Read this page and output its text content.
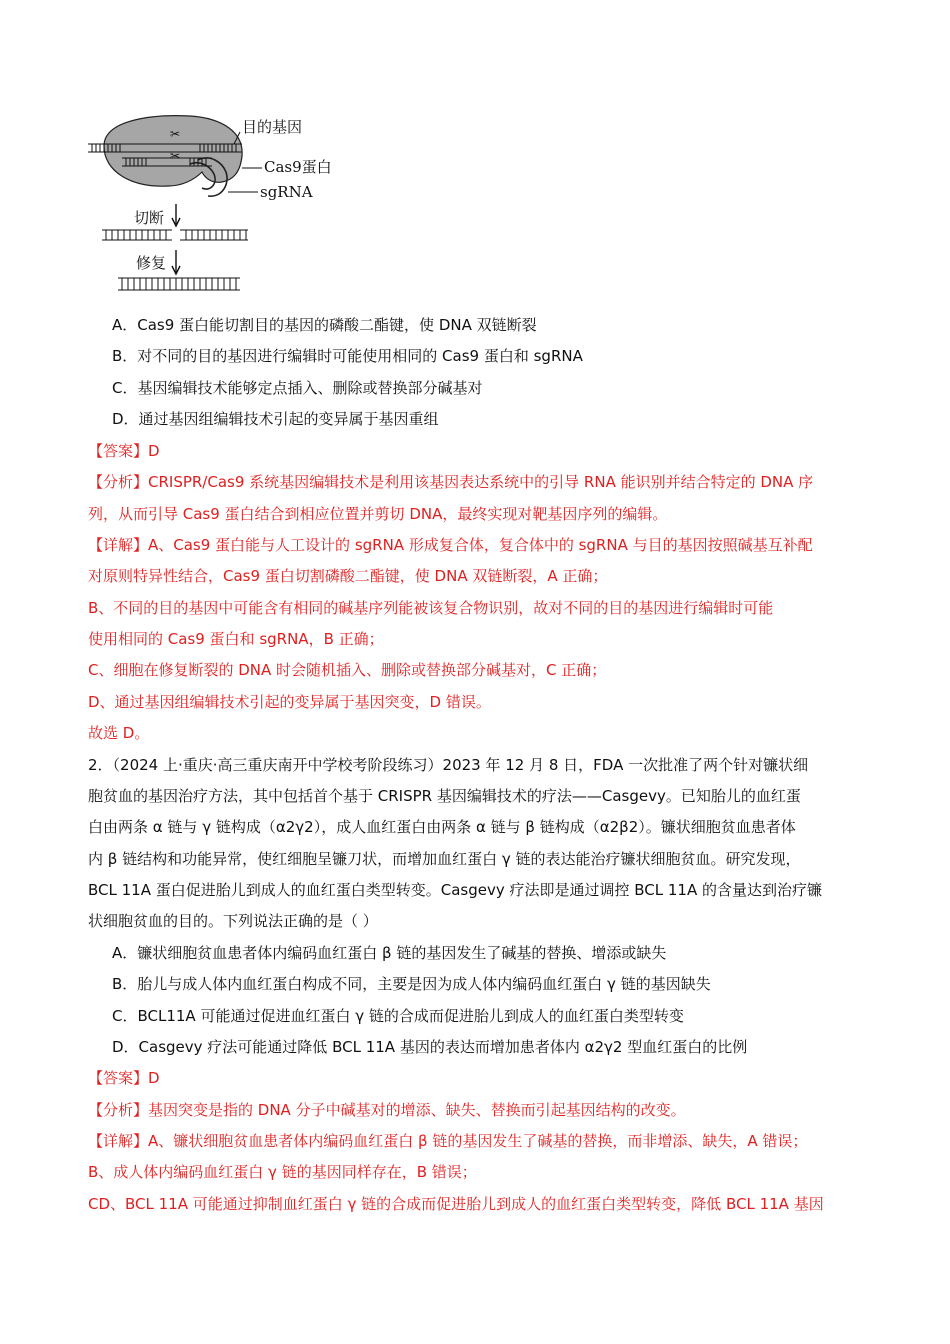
✂
✂
目的基因
Cas9蛋白
sgRNA
切断
修复
A．Cas9 蛋白能切割目的基因的磷酸二酯键，使 DNA 双链断裂
B．对不同的目的基因进行编辑时可能使用相同的 Cas9 蛋白和 sgRNA
C．基因编辑技术能够定点插入、删除或替换部分碱基对
D．通过基因组编辑技术引起的变异属于基因重组
【答案】D
【分析】CRISPR/Cas9 系统基因编辑技术是利用该基因表达系统中的引导 RNA 能识别并结合特定的 DNA 序
列，从而引导 Cas9 蛋白结合到相应位置并剪切 DNA，最终实现对靶基因序列的编辑。
【详解】A、Cas9 蛋白能与人工设计的 sgRNA 形成复合体，复合体中的 sgRNA 与目的基因按照碱基互补配
对原则特异性结合，Cas9 蛋白切割磷酸二酯键，使 DNA 双链断裂，A 正确；
B、不同的目的基因中可能含有相同的碱基序列能被该复合物识别，故对不同的目的基因进行编辑时可能
使用相同的 Cas9 蛋白和 sgRNA，B 正确；
C、细胞在修复断裂的 DNA 时会随机插入、删除或替换部分碱基对，C 正确；
D、通过基因组编辑技术引起的变异属于基因突变，D 错误。
故选 D。
2．（2024 上·重庆·高三重庆南开中学校考阶段练习）2023 年 12 月 8 日，FDA 一次批准了两个针对镰状细
胞贫血的基因治疗方法，其中包括首个基于 CRISPR 基因编辑技术的疗法——Casgevy。已知胎儿的血红蛋
白由两条 α 链与 γ 链构成（α2γ2），成人血红蛋白由两条 α 链与 β 链构成（α2β2）。镰状细胞贫血患者体
内 β 链结构和功能异常，使红细胞呈镰刀状，而增加血红蛋白 γ 链的表达能治疗镰状细胞贫血。研究发现，
BCL 11A 蛋白促进胎儿到成人的血红蛋白类型转变。Casgevy 疗法即是通过调控 BCL 11A 的含量达到治疗镰
状细胞贫血的目的。下列说法正确的是（ ）
A．镰状细胞贫血患者体内编码血红蛋白 β 链的基因发生了碱基的替换、增添或缺失
B．胎儿与成人体内血红蛋白构成不同，主要是因为成人体内编码血红蛋白 γ 链的基因缺失
C．BCL11A 可能通过促进血红蛋白 γ 链的合成而促进胎儿到成人的血红蛋白类型转变
D．Casgevy 疗法可能通过降低 BCL 11A 基因的表达而增加患者体内 α2γ2 型血红蛋白的比例
【答案】D
【分析】基因突变是指的 DNA 分子中碱基对的增添、缺失、替换而引起基因结构的改变。
【详解】A、镰状细胞贫血患者体内编码血红蛋白 β 链的基因发生了碱基的替换，而非增添、缺失，A 错误；
B、成人体内编码血红蛋白 γ 链的基因同样存在，B 错误；
CD、BCL 11A 可能通过抑制血红蛋白 γ 链的合成而促进胎儿到成人的血红蛋白类型转变，降低 BCL 11A 基因
